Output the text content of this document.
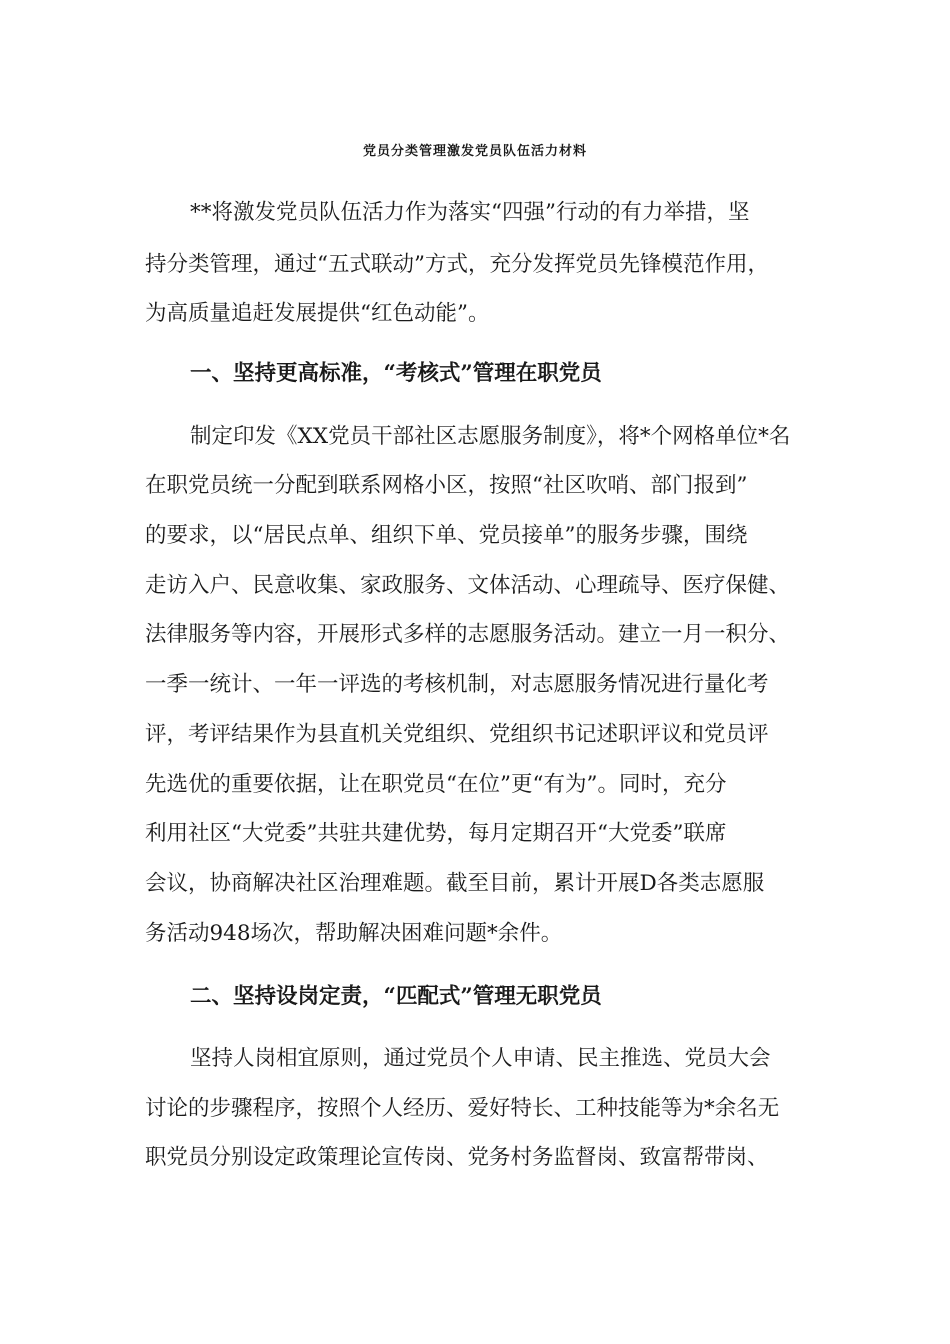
党员分类管理激发党员队伍活力材料

**将激发党员队伍活力作为落实“四强”行动的有力举措，坚

持分类管理，通过“五式联动”方式，充分发挥党员先锋模范作用，

为高质量追赶发展提供“红色动能”。

一、坚持更高标准，“考核式”管理在职党员

制定印发《XX党员干部社区志愿服务制度》，将*个网格单位*名

在职党员统一分配到联系网格小区，按照“社区吹哨、部门报到”

的要求，以“居民点单、组织下单、党员接单”的服务步骤，围绕

走访入户、民意收集、家政服务、文体活动、心理疏导、医疗保健、

法律服务等内容，开展形式多样的志愿服务活动。建立一月一积分、

一季一统计、一年一评选的考核机制，对志愿服务情况进行量化考

评，考评结果作为县直机关党组织、党组织书记述职评议和党员评

先选优的重要依据，让在职党员“在位”更“有为”。同时，充分

利用社区“大党委”共驻共建优势，每月定期召开“大党委”联席

会议，协商解决社区治理难题。截至目前，累计开展D各类志愿服

务活动948场次，帮助解决困难问题*余件。

二、坚持设岗定责，“匹配式”管理无职党员

坚持人岗相宜原则，通过党员个人申请、民主推选、党员大会

讨论的步骤程序，按照个人经历、爱好特长、工种技能等为*余名无

职党员分别设定政策理论宣传岗、党务村务监督岗、致富帮带岗、
